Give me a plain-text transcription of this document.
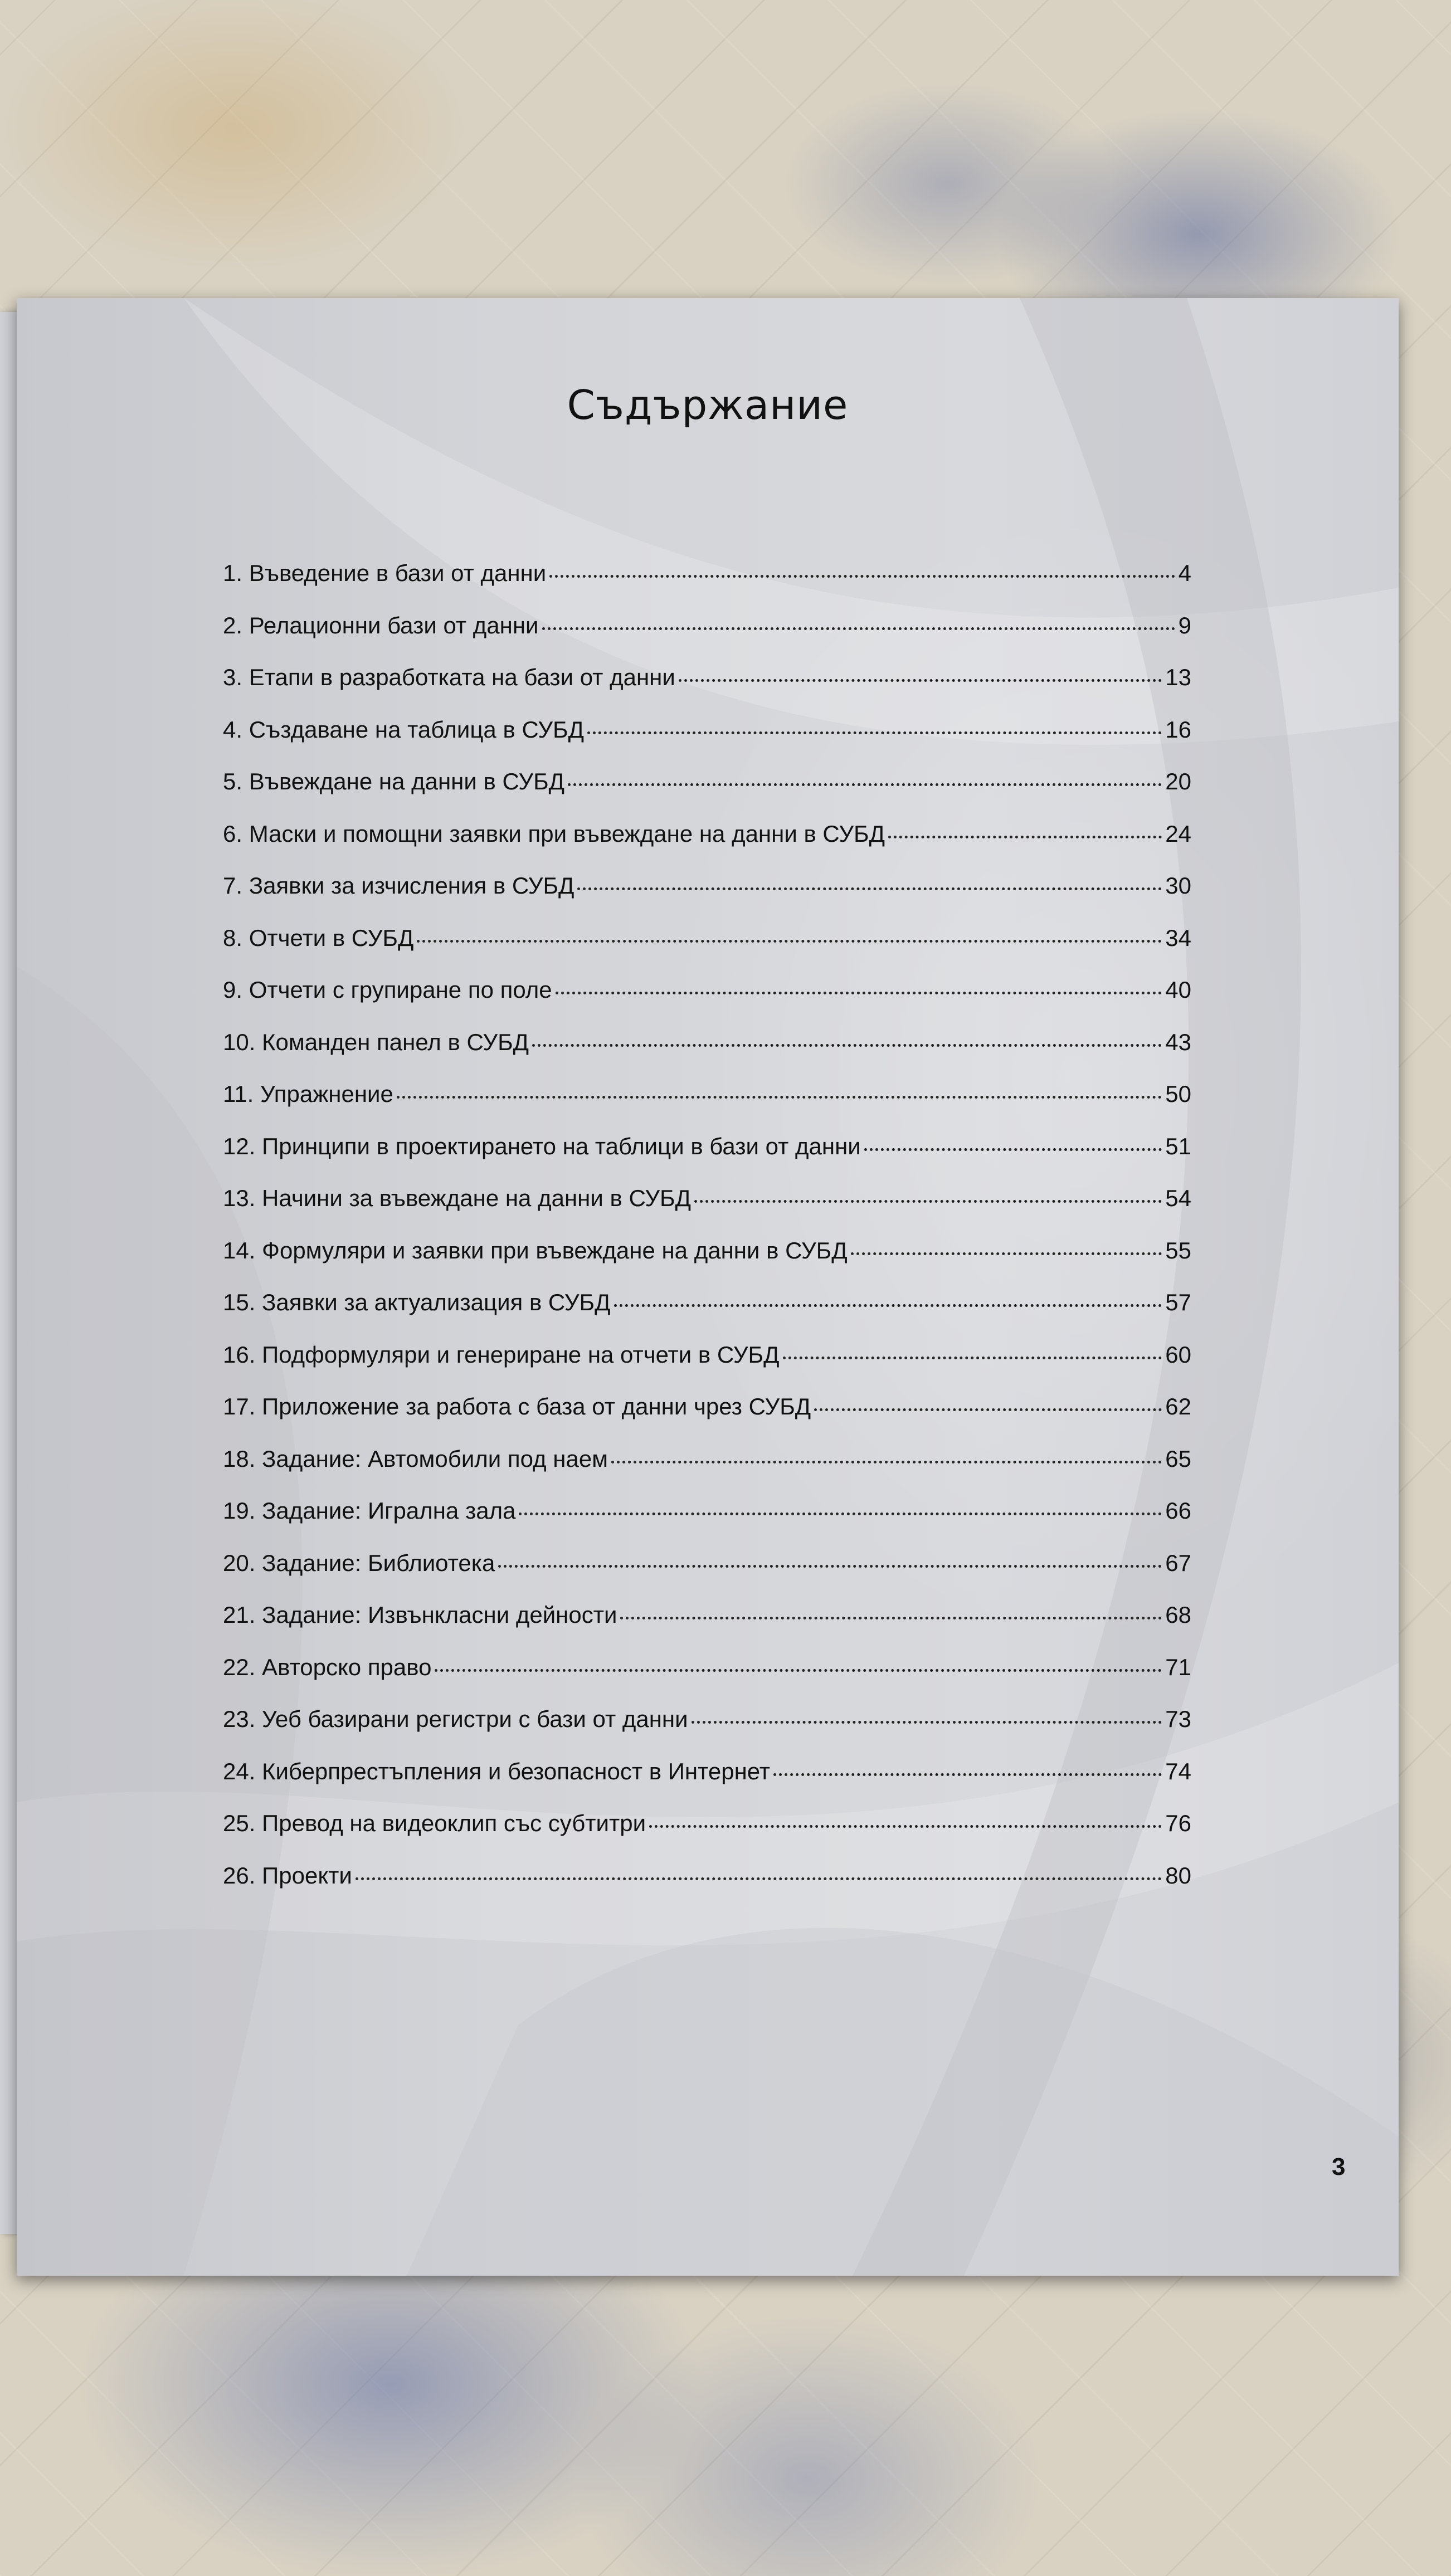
Съдържание
1. Въведение в бази от данни	4
2. Релационни бази от данни	9
3. Етапи в разработката на бази от данни	13
4. Създаване на таблица в СУБД	16
5. Въвеждане на данни в СУБД	20
6. Маски и помощни заявки при въвеждане на данни в СУБД	24
7. Заявки за изчисления в СУБД	30
8. Отчети в СУБД	34
9. Отчети с групиране по поле	40
10. Команден панел в СУБД	43
11. Упражнение	50
12. Принципи в проектирането на таблици в бази от данни	51
13. Начини за въвеждане на данни в СУБД	54
14. Формуляри и заявки при въвеждане на данни в СУБД	55
15. Заявки за актуализация в СУБД	57
16. Подформуляри и генериране на отчети в СУБД	60
17. Приложение за работа с база от данни чрез СУБД	62
18. Задание: Автомобили под наем	65
19. Задание: Игрална зала	66
20. Задание: Библиотека	67
21. Задание: Извънкласни дейности	68
22. Авторско право	71
23. Уеб базирани регистри с бази от данни	73
24. Киберпрестъпления и безопасност в Интернет	74
25. Превод на видеоклип със субтитри	76
26. Проекти	80
3
